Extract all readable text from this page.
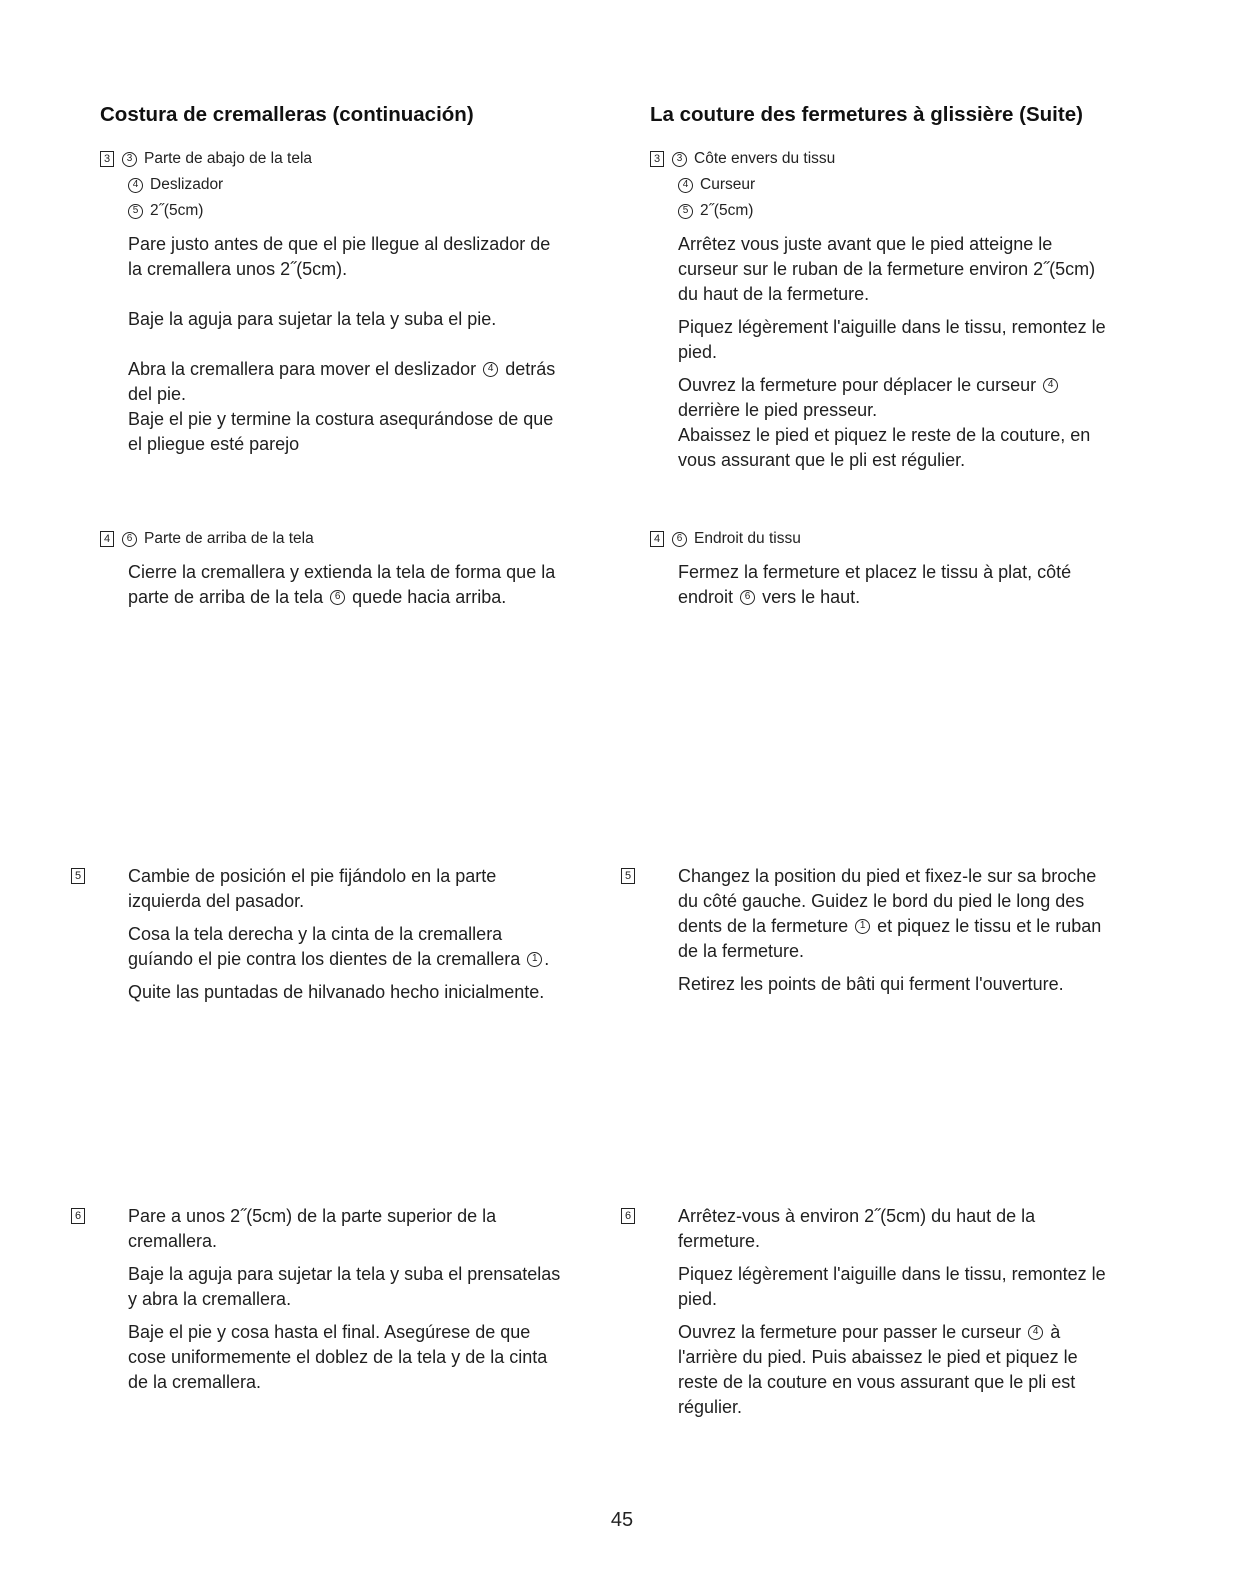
Costura de cremalleras (continuación)
3	3 Parte de abajo de la tela
4 Deslizador
5 2˝(5cm)

Pare justo antes de que el pie llegue al deslizador de
la cremallera unos 2˝(5cm).

Baje la aguja para sujetar la tela y suba el pie.

Abra la cremallera para mover el deslizador 4 detrás
del pie.
Baje el pie y termine la costura asequrándose de que
el pliegue esté parejo

4	6 Parte de arriba de la tela

Cierre la cremallera y extienda la tela de forma que la
parte de arriba de la tela 6 quede hacia arriba.

5	Cambie de posición el pie fijándolo en la parte
izquierda del pasador.

Cosa la tela derecha y la cinta de la cremallera
guíando el pie contra los dientes de la cremallera 1 .

Quite las puntadas de hilvanado hecho inicialmente.

6	Pare a unos 2˝(5cm) de la parte superior de la
cremallera.

Baje la aguja para sujetar la tela y suba el prensatelas
y abra la cremallera.

Baje el pie y cosa hasta el final. Asegúrese de que
cose uniformemente el doblez de la tela y de la cinta
de la cremallera.

La couture des fermetures à glissière (Suite)
3	3 Côte envers du tissu
4 Curseur
5 2˝(5cm)

Arrêtez vous juste avant que le pied atteigne le
curseur sur le ruban de la fermeture environ 2˝(5cm)
du haut de la fermeture.

Piquez légèrement l'aiguille dans le tissu, remontez le
pied.

Ouvrez la fermeture pour déplacer le curseur 4
derrière le pied presseur.
Abaissez le pied et piquez le reste de la couture, en
vous assurant que le pli est régulier.

4	6 Endroit du tissu

Fermez la fermeture et placez le tissu à plat, côté
endroit 6 vers le haut.

5	Changez la position du pied et fixez-le sur sa broche
du côté gauche. Guidez le bord du pied le long des
dents de la fermeture 1 et piquez le tissu et le ruban
de la fermeture.

Retirez les points de bâti qui ferment l'ouverture.

6	Arrêtez-vous à environ 2˝(5cm) du haut de la
fermeture.

Piquez légèrement l'aiguille dans le tissu, remontez le
pied.

Ouvrez la fermeture pour passer le curseur 4 à
l'arrière du pied. Puis abaissez le pied et piquez le
reste de la couture en vous assurant que le pli est
régulier.

45
